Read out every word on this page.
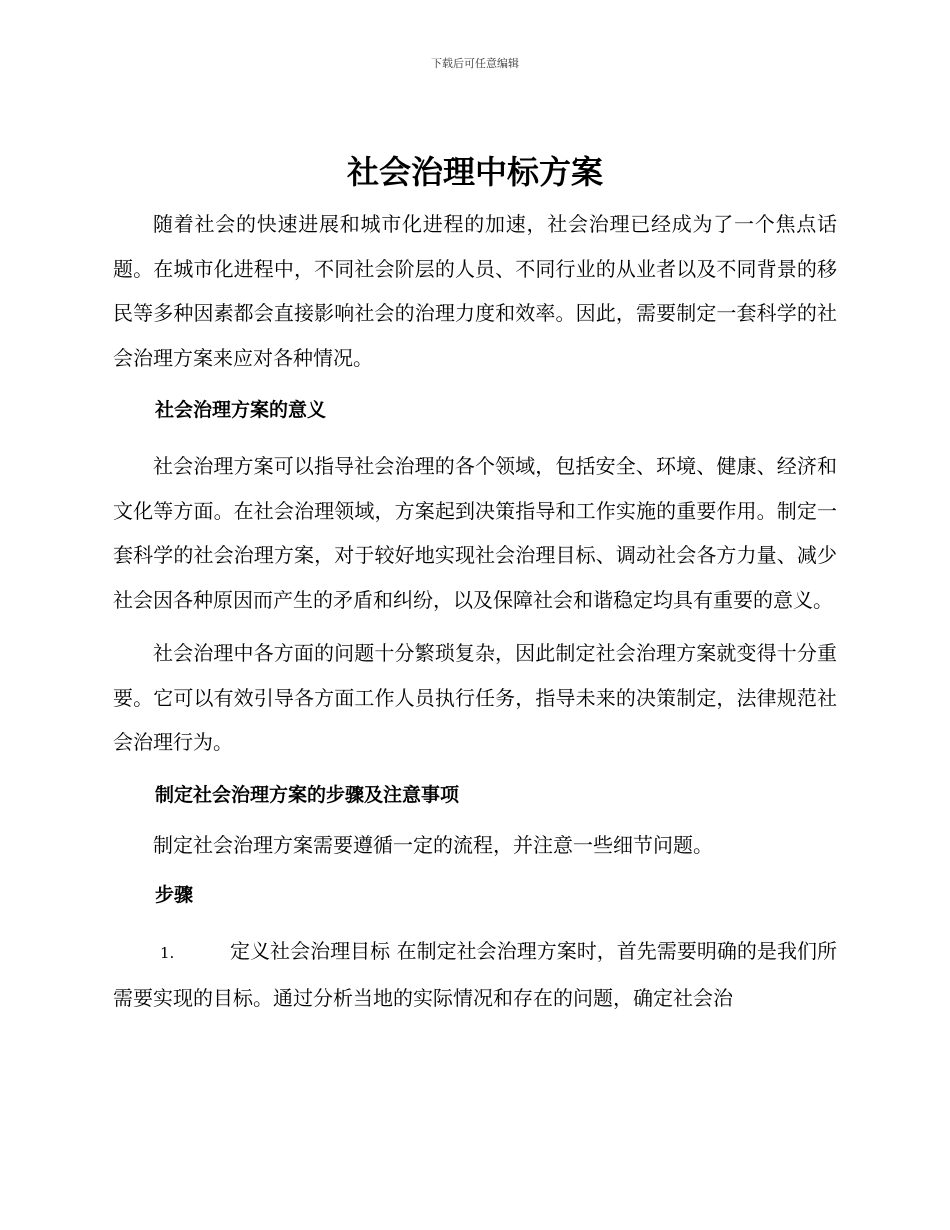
下载后可任意编辑
社会治理中标方案

随着社会的快速进展和城市化进程的加速，社会治理已经成为了一个焦点话题。在城市化进程中，不同社会阶层的人员、不同行业的从业者以及不同背景的移民等多种因素都会直接影响社会的治理力度和效率。因此，需要制定一套科学的社会治理方案来应对各种情况。

社会治理方案的意义

社会治理方案可以指导社会治理的各个领域，包括安全、环境、健康、经济和文化等方面。在社会治理领域，方案起到决策指导和工作实施的重要作用。制定一套科学的社会治理方案，对于较好地实现社会治理目标、调动社会各方力量、减少社会因各种原因而产生的矛盾和纠纷，以及保障社会和谐稳定均具有重要的意义。

社会治理中各方面的问题十分繁琐复杂，因此制定社会治理方案就变得十分重要。它可以有效引导各方面工作人员执行任务，指导未来的决策制定，法律规范社会治理行为。

制定社会治理方案的步骤及注意事项

制定社会治理方案需要遵循一定的流程，并注意一些细节问题。

步骤

1.	定义社会治理目标 在制定社会治理方案时，首先需要明确的是我们所需要实现的目标。通过分析当地的实际情况和存在的问题，确定社会治
